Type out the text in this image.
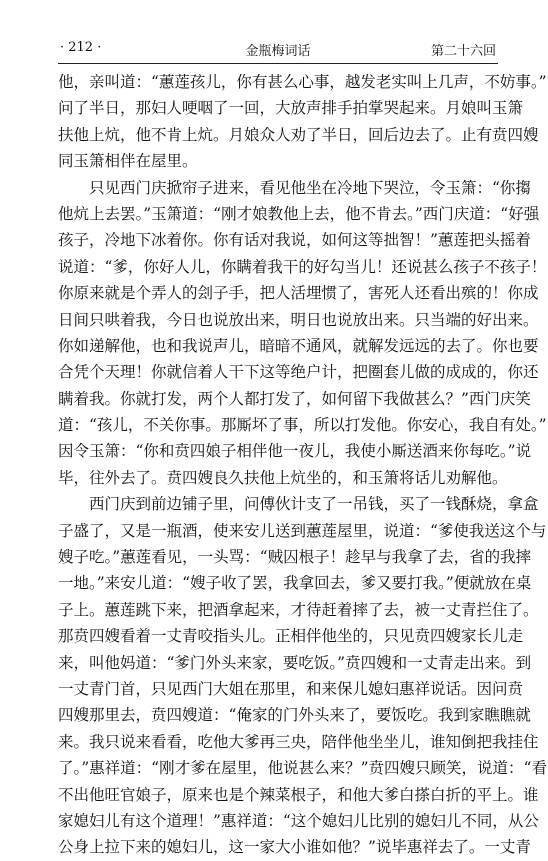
· 212 ·	金瓶梅词话	第二十六回
他，亲叫道：“蕙莲孩儿，你有甚么心事，越发老实叫上几声，不妨事。”
问了半日，那妇人哽咽了一回，大放声排手拍掌哭起来。月娘叫玉箫
扶他上炕，他不肯上炕。月娘众人劝了半日，回后边去了。止有贲四嫂
同玉箫相伴在屋里。
只见西门庆掀帘子进来，看见他坐在冷地下哭泣，令玉箫：“你搊
他炕上去罢。”玉箫道：“刚才娘教他上去，他不肯去。”西门庆道：“好强
孩子，冷地下冰着你。你有话对我说，如何这等拙智！”蕙莲把头摇着
说道：“爹，你好人儿，你瞒着我干的好勾当儿！还说甚么孩子不孩子！
你原来就是个弄人的刽子手，把人活埋惯了，害死人还看出殡的！你成
日间只哄着我，今日也说放出来，明日也说放出来。只当端的好出来。
你如递解他，也和我说声儿，暗暗不通风，就解发远远的去了。你也要
合凭个天理！你就信着人干下这等绝户计，把圈套儿做的成成的，你还
瞒着我。你就打发，两个人都打发了，如何留下我做甚么？”西门庆笑
道：“孩儿，不关你事。那厮坏了事，所以打发他。你安心，我自有处。”
因令玉箫：“你和贲四娘子相伴他一夜儿，我使小厮送酒来你每吃。”说
毕，往外去了。贲四嫂良久扶他上炕坐的，和玉箫将话儿劝解他。
西门庆到前边铺子里，问傅伙计支了一吊钱，买了一钱酥烧，拿盒
子盛了，又是一瓶酒，使来安儿送到蕙莲屋里，说道：“爹使我送这个与
嫂子吃。”蕙莲看见，一头骂：“贼囚根子！趁早与我拿了去，省的我摔
一地。”来安儿道：“嫂子收了罢，我拿回去，爹又要打我。”便就放在桌
子上。蕙莲跳下来，把酒拿起来，才待赶着摔了去，被一丈青拦住了。
那贲四嫂看着一丈青咬指头儿。正相伴他坐的，只见贲四嫂家长儿走
来，叫他妈道：“爹门外头来家，要吃饭。”贲四嫂和一丈青走出来。到
一丈青门首，只见西门大姐在那里，和来保儿媳妇惠祥说话。因问贲
四嫂那里去，贲四嫂道：“俺家的门外头来了，要饭吃。我到家瞧瞧就
来。我只说来看看，吃他大爹再三央，陪伴他坐坐儿，谁知倒把我挂住
了。”惠祥道：“刚才爹在屋里，他说甚么来？”贲四嫂只顾笑，说道：“看
不出他旺官娘子，原来也是个辣菜根子，和他大爹白搽白折的平上。谁
家媳妇儿有这个道理！”惠祥道：“这个媳妇儿比别的媳妇儿不同，从公
公身上拉下来的媳妇儿，这一家大小谁如他？”说毕惠祥去了。一丈青
